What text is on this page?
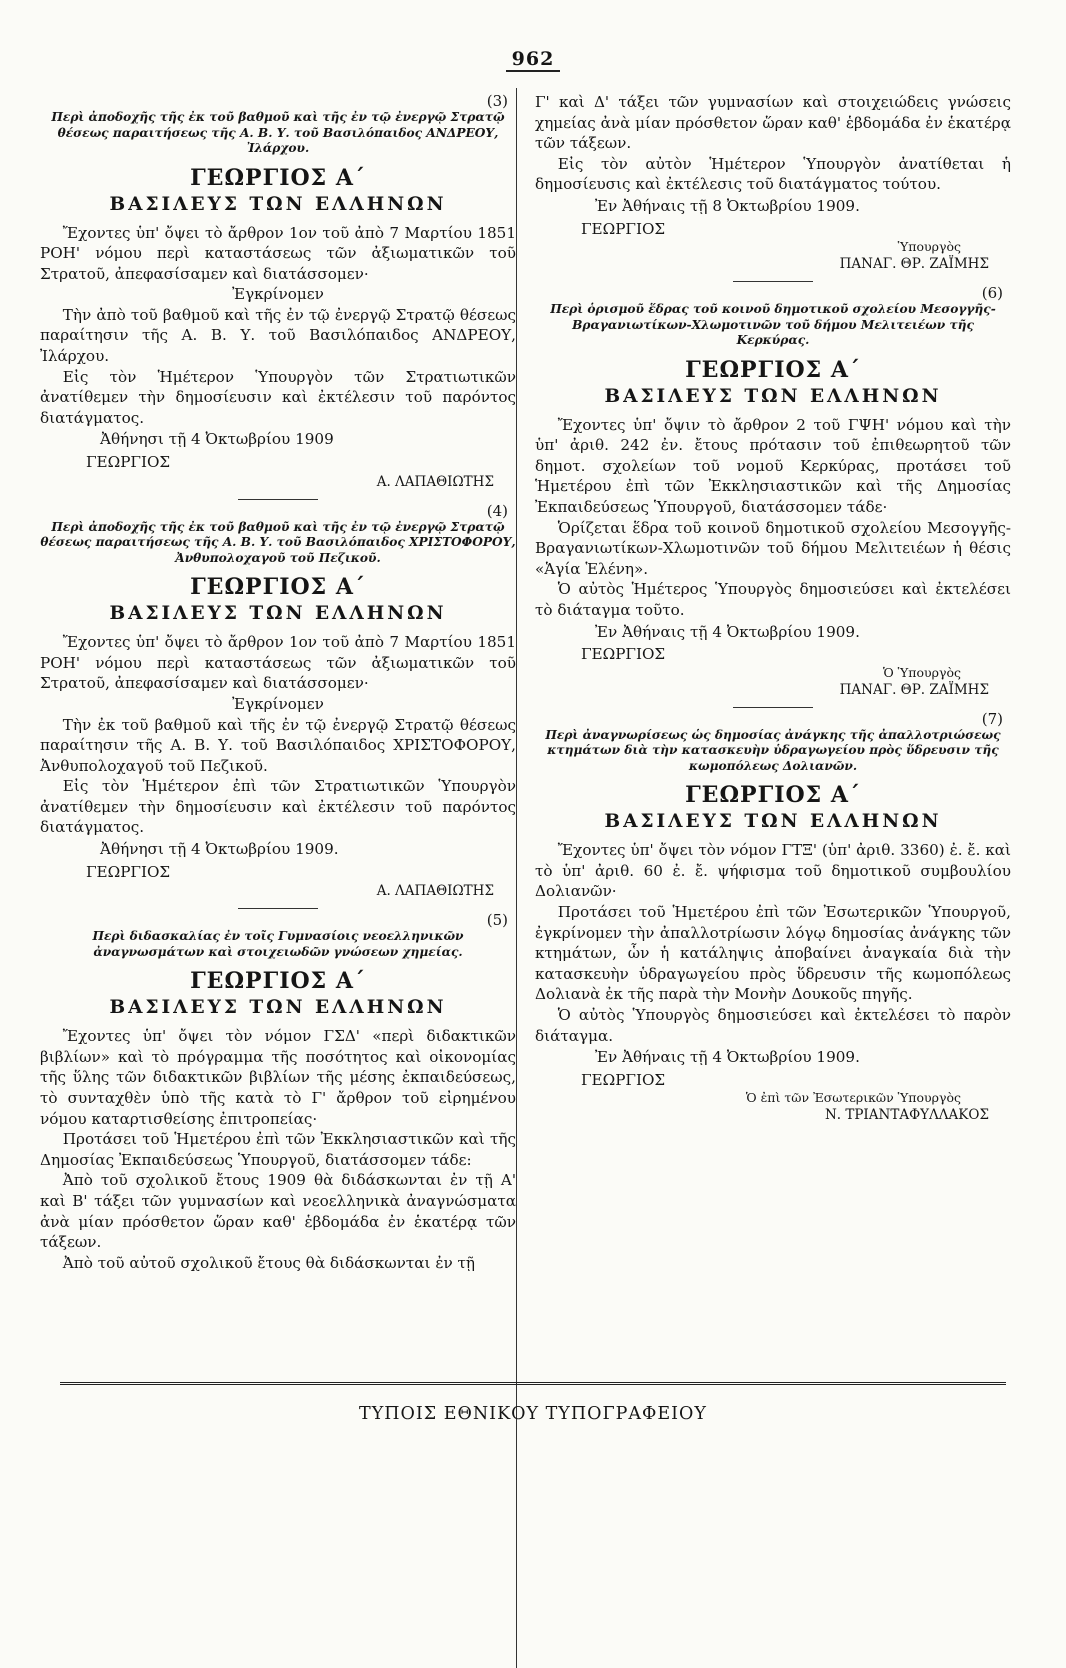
962

(3)

Περὶ ἀποδοχῆς τῆς ἐκ τοῦ βαθμοῦ καὶ τῆς ἐν τῷ ἐνεργῷ Στρατῷ θέσεως παραιτήσεως τῆς Α. Β. Υ. τοῦ Βασιλόπαιδος ΑΝΔΡΕΟΥ, Ἰλάρχου.

ΓΕΩΡΓΙΟΣ Α΄

ΒΑΣΙΛΕΥΣ ΤΩΝ ΕΛΛΗΝΩΝ

Ἔχοντες ὑπ' ὄψει τὸ ἄρθρον 1ον τοῦ ἀπὸ 7 Μαρτίου 1851 ΡΟΗ' νόμου περὶ καταστάσεως τῶν ἀξιωματικῶν τοῦ Στρατοῦ, ἀπεφασίσαμεν καὶ διατάσσομεν·

Ἐγκρίνομεν

Τὴν ἀπὸ τοῦ βαθμοῦ καὶ τῆς ἐν τῷ ἐνεργῷ Στρατῷ θέσεως παραίτησιν τῆς Α. Β. Υ. τοῦ Βασιλόπαιδος ΑΝΔΡΕΟΥ, Ἰλάρχου.

Εἰς τὸν Ἡμέτερον Ὑπουργὸν τῶν Στρατιωτικῶν ἀνατίθεμεν τὴν δημοσίευσιν καὶ ἐκτέλεσιν τοῦ παρόντος διατάγματος.

Ἀθήνησι τῇ 4 Ὀκτωβρίου 1909

ΓΕΩΡΓΙΟΣ

Α. ΛΑΠΑΘΙΩΤΗΣ

(4)

Περὶ ἀποδοχῆς τῆς ἐκ τοῦ βαθμοῦ καὶ τῆς ἐν τῷ ἐνεργῷ Στρατῷ θέσεως παραιτήσεως τῆς Α. Β. Υ. τοῦ Βασιλόπαιδος ΧΡΙΣΤΟΦΟΡΟΥ, Ἀνθυπολοχαγοῦ τοῦ Πεζικοῦ.

ΓΕΩΡΓΙΟΣ Α΄

ΒΑΣΙΛΕΥΣ ΤΩΝ ΕΛΛΗΝΩΝ

Ἔχοντες ὑπ' ὄψει τὸ ἄρθρον 1ον τοῦ ἀπὸ 7 Μαρτίου 1851 ΡΟΗ' νόμου περὶ καταστάσεως τῶν ἀξιωματικῶν τοῦ Στρατοῦ, ἀπεφασίσαμεν καὶ διατάσσομεν·

Ἐγκρίνομεν

Τὴν ἐκ τοῦ βαθμοῦ καὶ τῆς ἐν τῷ ἐνεργῷ Στρατῷ θέσεως παραίτησιν τῆς Α. Β. Υ. τοῦ Βασιλόπαιδος ΧΡΙΣΤΟΦΟΡΟΥ, Ἀνθυπολοχαγοῦ τοῦ Πεζικοῦ.

Εἰς τὸν Ἡμέτερον ἐπὶ τῶν Στρατιωτικῶν Ὑπουργὸν ἀνατίθεμεν τὴν δημοσίευσιν καὶ ἐκτέλεσιν τοῦ παρόντος διατάγματος.

Ἀθήνησι τῇ 4 Ὀκτωβρίου 1909.

ΓΕΩΡΓΙΟΣ

Α. ΛΑΠΑΘΙΩΤΗΣ

(5)

Περὶ διδασκαλίας ἐν τοῖς Γυμνασίοις νεοελληνικῶν ἀναγνωσμάτων καὶ στοιχειωδῶν γνώσεων χημείας.

ΓΕΩΡΓΙΟΣ Α΄

ΒΑΣΙΛΕΥΣ ΤΩΝ ΕΛΛΗΝΩΝ

Ἔχοντες ὑπ' ὄψει τὸν νόμον ΓΣΔ' «περὶ διδακτικῶν βιβλίων» καὶ τὸ πρόγραμμα τῆς ποσότητος καὶ οἰκονομίας τῆς ὕλης τῶν διδακτικῶν βιβλίων τῆς μέσης ἐκπαιδεύσεως, τὸ συνταχθὲν ὑπὸ τῆς κατὰ τὸ Γ' ἄρθρον τοῦ εἰρημένου νόμου καταρτισθείσης ἐπιτροπείας·

Προτάσει τοῦ Ἡμετέρου ἐπὶ τῶν Ἐκκλησιαστικῶν καὶ τῆς Δημοσίας Ἐκπαιδεύσεως Ὑπουργοῦ, διατάσσομεν τάδε:

Ἀπὸ τοῦ σχολικοῦ ἔτους 1909 θὰ διδάσκωνται ἐν τῇ Α' καὶ Β' τάξει τῶν γυμνασίων καὶ νεοελληνικὰ ἀναγνώσματα ἀνὰ μίαν πρόσθετον ὥραν καθ' ἑβδομάδα ἐν ἑκατέρᾳ τῶν τάξεων.

Ἀπὸ τοῦ αὐτοῦ σχολικοῦ ἔτους θὰ διδάσκωνται ἐν τῇ

Γ' καὶ Δ' τάξει τῶν γυμνασίων καὶ στοιχειώδεις γνώσεις χημείας ἀνὰ μίαν πρόσθετον ὥραν καθ' ἑβδομάδα ἐν ἑκατέρᾳ τῶν τάξεων.

Εἰς τὸν αὐτὸν Ἡμέτερον Ὑπουργὸν ἀνατίθεται ἡ δημοσίευσις καὶ ἐκτέλεσις τοῦ διατάγματος τούτου.

Ἐν Ἀθήναις τῇ 8 Ὀκτωβρίου 1909.

ΓΕΩΡΓΙΟΣ

Ὑπουργὸς

ΠΑΝΑΓ. ΘΡ. ΖΑΪΜΗΣ

(6)

Περὶ ὁρισμοῦ ἕδρας τοῦ κοινοῦ δημοτικοῦ σχολείου Μεσογγῆς-Βραγανιωτίκων-Χλωμοτινῶν τοῦ δήμου Μελιτειέων τῆς Κερκύρας.

ΓΕΩΡΓΙΟΣ Α΄

ΒΑΣΙΛΕΥΣ ΤΩΝ ΕΛΛΗΝΩΝ

Ἔχοντες ὑπ' ὄψιν τὸ ἄρθρον 2 τοῦ ΓΨΗ' νόμου καὶ τὴν ὑπ' ἀριθ. 242 ἐν. ἔτους πρότασιν τοῦ ἐπιθεωρητοῦ τῶν δημοτ. σχολείων τοῦ νομοῦ Κερκύρας, προτάσει τοῦ Ἡμετέρου ἐπὶ τῶν Ἐκκλησιαστικῶν καὶ τῆς Δημοσίας Ἐκπαιδεύσεως Ὑπουργοῦ, διατάσσομεν τάδε·

Ὁρίζεται ἕδρα τοῦ κοινοῦ δημοτικοῦ σχολείου Μεσογγῆς-Βραγανιωτίκων-Χλωμοτινῶν τοῦ δήμου Μελιτειέων ἡ θέσις «Ἁγία Ἑλένη».

Ὁ αὐτὸς Ἡμέτερος Ὑπουργὸς δημοσιεύσει καὶ ἐκτελέσει τὸ διάταγμα τοῦτο.

Ἐν Ἀθήναις τῇ 4 Ὀκτωβρίου 1909.

ΓΕΩΡΓΙΟΣ

Ὁ Ὑπουργὸς

ΠΑΝΑΓ. ΘΡ. ΖΑΪΜΗΣ

(7)

Περὶ ἀναγνωρίσεως ὡς δημοσίας ἀνάγκης τῆς ἀπαλλοτριώσεως κτημάτων διὰ τὴν κατασκευὴν ὑδραγωγείου πρὸς ὕδρευσιν τῆς κωμοπόλεως Δολιανῶν.

ΓΕΩΡΓΙΟΣ Α΄

ΒΑΣΙΛΕΥΣ ΤΩΝ ΕΛΛΗΝΩΝ

Ἔχοντες ὑπ' ὄψει τὸν νόμον ΓΤΞ' (ὑπ' ἀριθ. 3360) ἐ. ἔ. καὶ τὸ ὑπ' ἀριθ. 60 ἐ. ἔ. ψήφισμα τοῦ δημοτικοῦ συμβουλίου Δολιανῶν·

Προτάσει τοῦ Ἡμετέρου ἐπὶ τῶν Ἐσωτερικῶν Ὑπουργοῦ, ἐγκρίνομεν τὴν ἀπαλλοτρίωσιν λόγῳ δημοσίας ἀνάγκης τῶν κτημάτων, ὧν ἡ κατάληψις ἀποβαίνει ἀναγκαία διὰ τὴν κατασκευὴν ὑδραγωγείου πρὸς ὕδρευσιν τῆς κωμοπόλεως Δολιανὰ ἐκ τῆς παρὰ τὴν Μονὴν Δουκοῦς πηγῆς.

Ὁ αὐτὸς Ὑπουργὸς δημοσιεύσει καὶ ἐκτελέσει τὸ παρὸν διάταγμα.

Ἐν Ἀθήναις τῇ 4 Ὀκτωβρίου 1909.

ΓΕΩΡΓΙΟΣ

Ὁ ἐπὶ τῶν Ἐσωτερικῶν Ὑπουργὸς

Ν. ΤΡΙΑΝΤΑΦΥΛΛΑΚΟΣ

ΤΥΠΟΙΣ ΕΘΝΙΚΟΥ ΤΥΠΟΓΡΑΦΕΙΟΥ
